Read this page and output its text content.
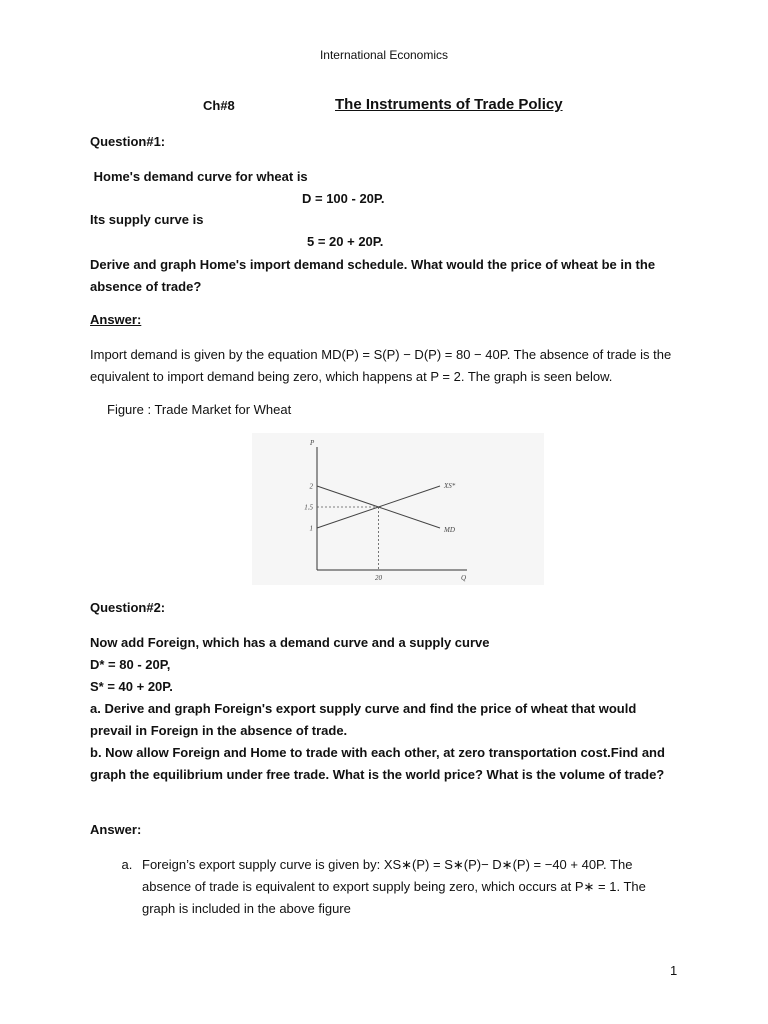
International Economics
Ch#8	The Instruments of Trade Policy
Question#1:
Home's demand curve for wheat is
D = 100 - 20P.
Its supply curve is
5 = 20 + 20P.
Derive and graph Home's import demand schedule. What would the price of wheat be in the absence of trade?
Answer:
Import demand is given by the equation MD(P) = S(P) − D(P) = 80 − 40P. The absence of trade is the equivalent to import demand being zero, which happens at P = 2. The graph is seen below.
Figure : Trade Market for Wheat
P
Q
MD
XS*
2
1.5
1
20
Question#2:
Now add Foreign, which has a demand curve and a supply curve
D* = 80 - 20P,
S* = 40 + 20P.
a. Derive and graph Foreign's export supply curve and find the price of wheat that would prevail in Foreign in the absence of trade.
b. Now allow Foreign and Home to trade with each other, at zero transportation cost.Find and graph the equilibrium under free trade. What is the world price? What is the volume of trade?
Answer:
a. Foreign’s export supply curve is given by: XS∗(P) = S∗(P)− D∗(P) = −40 + 40P. The absence of trade is equivalent to export supply being zero, which occurs at P∗ = 1. The graph is included in the above figure
1
